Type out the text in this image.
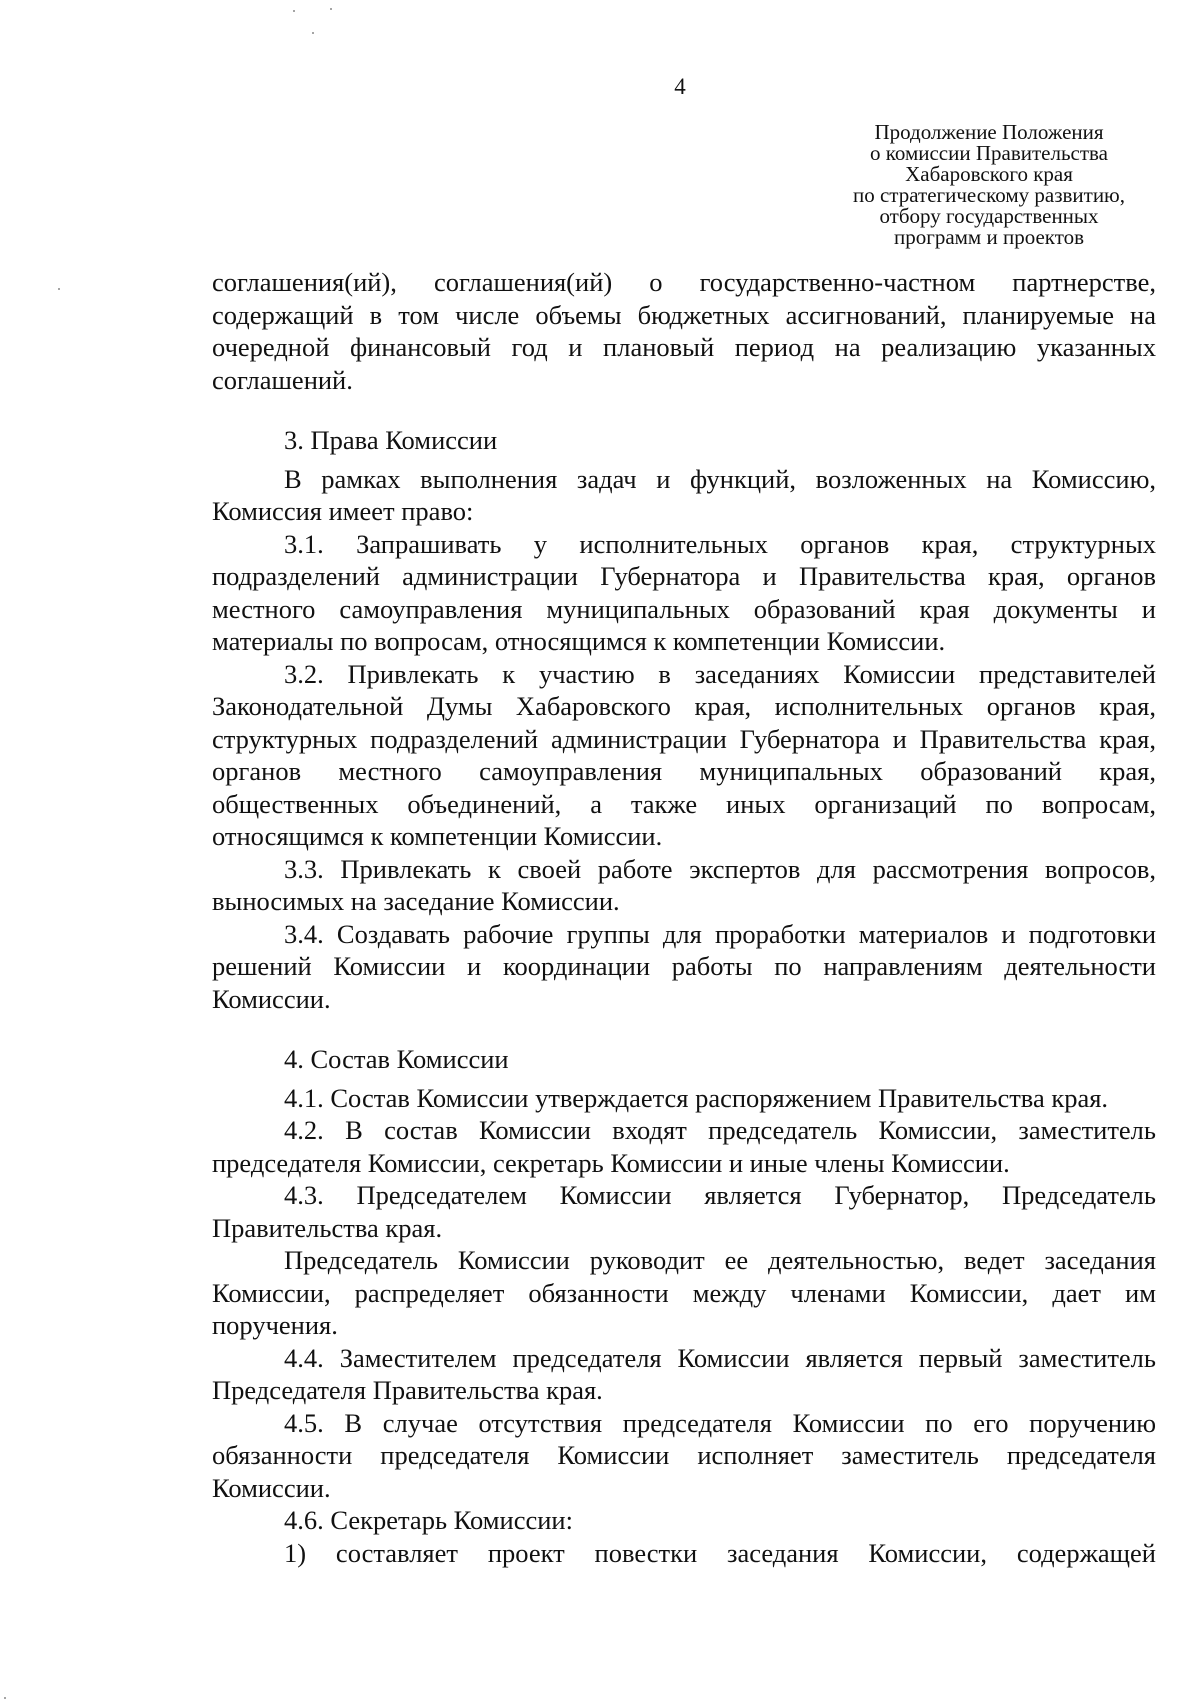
4
Продолжение Положения
о комиссии Правительства
Хабаровского края
по стратегическому развитию,
отбору государственных
программ и проектов

соглашения(ий), соглашения(ий) о государственно-частном партнерстве, содержащий в том числе объемы бюджетных ассигнований, планируемые на очередной финансовый год и плановый период на реализацию указанных соглашений.

3. Права Комиссии

В рамках выполнения задач и функций, возложенных на Комиссию, Комиссия имеет право:

3.1. Запрашивать у исполнительных органов края, структурных подразделений администрации Губернатора и Правительства края, органов местного самоуправления муниципальных образований края документы и материалы по вопросам, относящимся к компетенции Комиссии.

3.2. Привлекать к участию в заседаниях Комиссии представителей Законодательной Думы Хабаровского края, исполнительных органов края, структурных подразделений администрации Губернатора и Правительства края, органов местного самоуправления муниципальных образований края, общественных объединений, а также иных организаций по вопросам, относящимся к компетенции Комиссии.

3.3. Привлекать к своей работе экспертов для рассмотрения вопросов, выносимых на заседание Комиссии.

3.4. Создавать рабочие группы для проработки материалов и подготовки решений Комиссии и координации работы по направлениям деятельности Комиссии.

4. Состав Комиссии

4.1. Состав Комиссии утверждается распоряжением Правительства края.

4.2. В состав Комиссии входят председатель Комиссии, заместитель председателя Комиссии, секретарь Комиссии и иные члены Комиссии.

4.3. Председателем Комиссии является Губернатор, Председатель Правительства края.

Председатель Комиссии руководит ее деятельностью, ведет заседания Комиссии, распределяет обязанности между членами Комиссии, дает им поручения.

4.4. Заместителем председателя Комиссии является первый заместитель Председателя Правительства края.

4.5. В случае отсутствия председателя Комиссии по его поручению обязанности председателя Комиссии исполняет заместитель председателя Комиссии.

4.6. Секретарь Комиссии:

1) составляет проект повестки заседания Комиссии, содержащей
